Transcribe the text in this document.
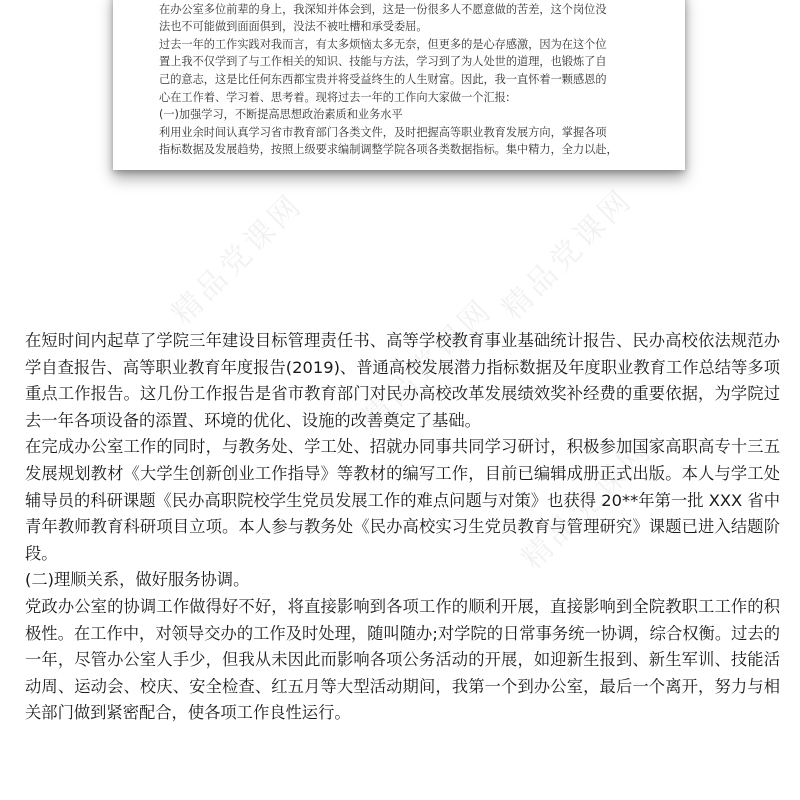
在办公室多位前辈的身上，我深知并体会到，这是一份很多人不愿意做的苦差，这个岗位没

法也不可能做到面面俱到，没法不被吐槽和承受委屈。

过去一年的工作实践对我而言，有太多烦恼太多无奈，但更多的是心存感激，因为在这个位

置上我不仅学到了与工作相关的知识、技能与方法，学习到了为人处世的道理，也锻炼了自

己的意志，这是比任何东西都宝贵并将受益终生的人生财富。因此，我一直怀着一颗感恩的

心在工作着、学习着、思考着。现将过去一年的工作向大家做一个汇报:

(一)加强学习，不断提高思想政治素质和业务水平

利用业余时间认真学习省市教育部门各类文件，及时把握高等职业教育发展方向，掌握各项

指标数据及发展趋势，按照上级要求编制调整学院各项各类数据指标。集中精力，全力以赴，

精品党课网	精品党课网
精品党课网
精品党课网

在短时间内起草了学院三年建设目标管理责任书、高等学校教育事业基础统计报告、民办高校依法规范办学自查报告、高等职业教育年度报告(2019)、普通高校发展潜力指标数据及年度职业教育工作总结等多项重点工作报告。这几份工作报告是省市教育部门对民办高校改革发展绩效奖补经费的重要依据，为学院过去一年各项设备的添置、环境的优化、设施的改善奠定了基础。

在完成办公室工作的同时，与教务处、学工处、招就办同事共同学习研讨，积极参加国家高职高专十三五发展规划教材《大学生创新创业工作指导》等教材的编写工作，目前已编辑成册正式出版。本人与学工处辅导员的科研课题《民办高职院校学生党员发展工作的难点问题与对策》也获得 20**年第一批 XXX 省中青年教师教育科研项目立项。本人参与教务处《民办高校实习生党员教育与管理研究》课题已进入结题阶段。

(二)理顺关系，做好服务协调。

党政办公室的协调工作做得好不好，将直接影响到各项工作的顺利开展，直接影响到全院教职工工作的积极性。在工作中，对领导交办的工作及时处理，随叫随办;对学院的日常事务统一协调，综合权衡。过去的一年，尽管办公室人手少，但我从未因此而影响各项公务活动的开展，如迎新生报到、新生军训、技能活动周、运动会、校庆、安全检查、红五月等大型活动期间，我第一个到办公室，最后一个离开，努力与相关部门做到紧密配合，使各项工作良性运行。
